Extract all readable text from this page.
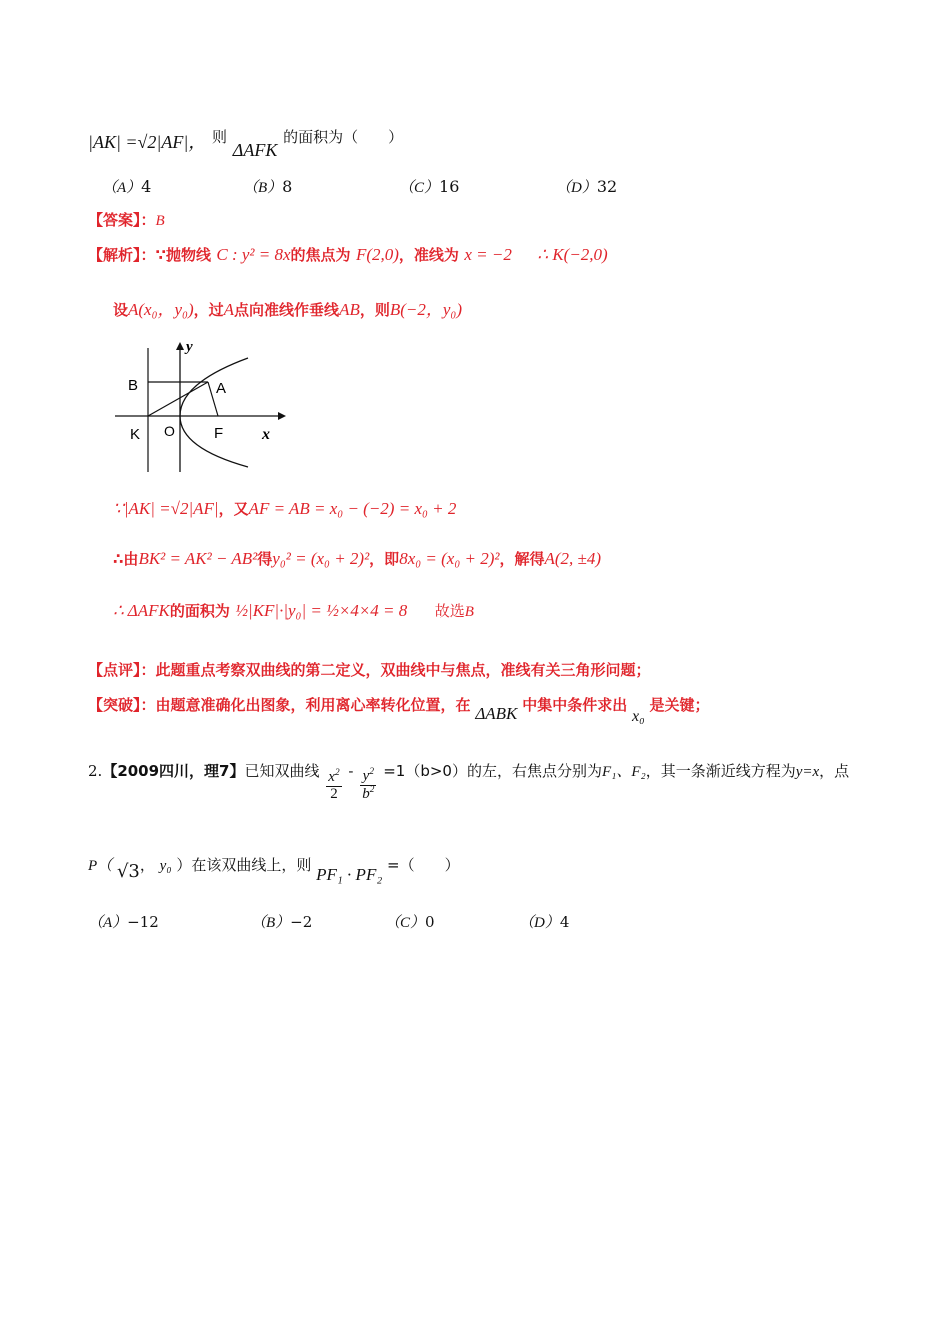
|AK| =√2|AF|， $^则$ ΔAFK $^{的面积为( )}$
（A）4	（B）8	（C）16	（D）32
【答案】：B
【解析】：∵抛物线 C : y² = 8x的焦点为 F(2,0)，准线为 x = −2 ∴ K(−2,0)
设A(x₀，y₀)，过A点向准线作垂线AB，则B(−2，y₀)
B	A
K O	F x
y
∵|AK| =√2|AF|，又AF = AB = x₀ − (−2) = x₀ + 2
∴由BK² = AK² − AB²得y₀² = (x₀ + 2)²，即8x₀ = (x₀ + 2)²，解得A(2, ±4)
∴ ΔAFK的面积为 ½|KF|·|y₀| = ½×4×4 = 8 故选B
【点评】：此题重点考察双曲线的第二定义，双曲线中与焦点，准线有关三角形问题；
【突破】：由题意准确化出图象，利用离心率转化位置，在 ΔABK 中集中条件求出 x₀ 是关键；
2.【2009四川，理7】已知双曲线 $\frac{x^2}{2} - \frac{y^2}{b^2} =1(b>0)$的左，右焦点分别为F₁、F₂，其一条渐近线方程为y=x，点
P（ √3， y₀ ）在该双曲线上，则 PF₁ · PF₂ =（　　）
（A）−12	（B）−2	（C）0	（D）4
